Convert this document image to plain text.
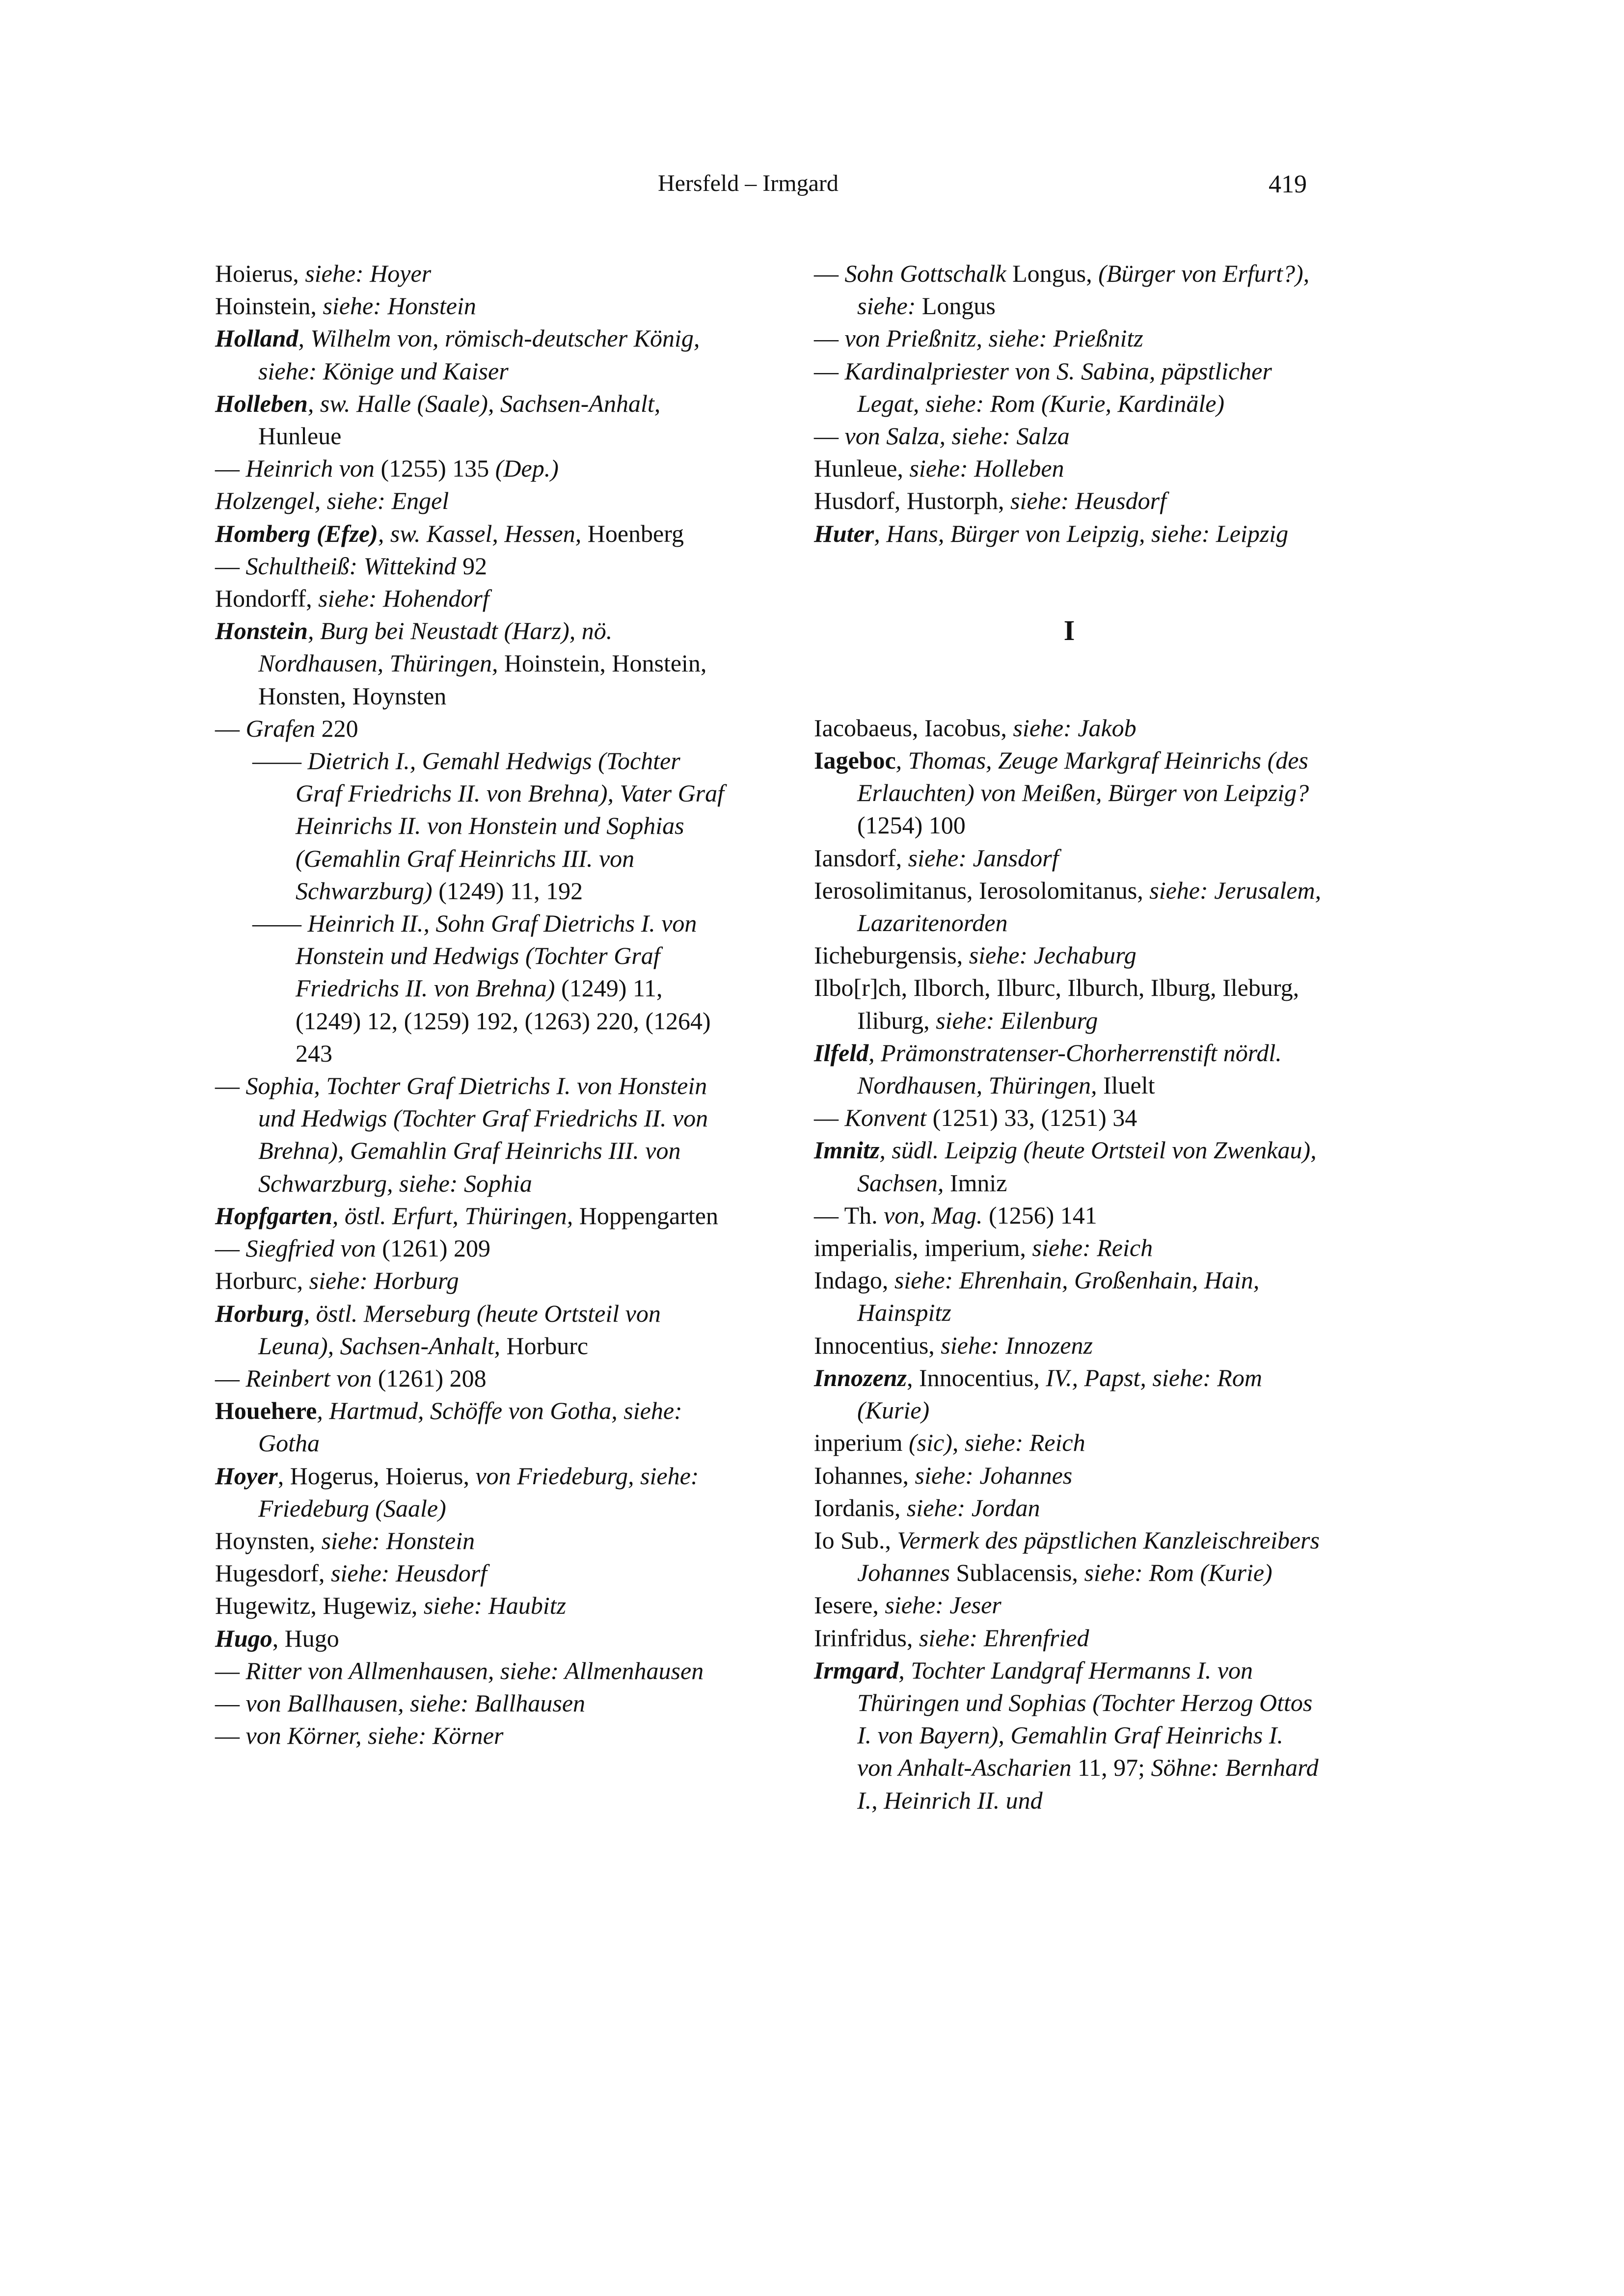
Hersfeld – Irmgard	419
Hoierus, siehe: Hoyer
Hoinstein, siehe: Honstein
Holland, Wilhelm von, römisch-deutscher König, siehe: Könige und Kaiser
Holleben, sw. Halle (Saale), Sachsen-Anhalt, Hunleue
— Heinrich von (1255) 135 (Dep.)
Holzengel, siehe: Engel
Homberg (Efze), sw. Kassel, Hessen, Hoenberg
— Schultheiß: Wittekind 92
Hondorff, siehe: Hohendorf
Honstein, Burg bei Neustadt (Harz), nö. Nordhausen, Thüringen, Hoinstein, Honstein, Honsten, Hoynsten
— Grafen 220
—— Dietrich I., Gemahl Hedwigs (Tochter Graf Friedrichs II. von Brehna), Vater Graf Heinrichs II. von Honstein und Sophias (Gemahlin Graf Heinrichs III. von Schwarzburg) (1249) 11, 192
—— Heinrich II., Sohn Graf Dietrichs I. von Honstein und Hedwigs (Tochter Graf Friedrichs II. von Brehna) (1249) 11, (1249) 12, (1259) 192, (1263) 220, (1264) 243
— Sophia, Tochter Graf Dietrichs I. von Honstein und Hedwigs (Tochter Graf Friedrichs II. von Brehna), Gemahlin Graf Heinrichs III. von Schwarzburg, siehe: Sophia
Hopfgarten, östl. Erfurt, Thüringen, Hoppengarten
— Siegfried von (1261) 209
Horburc, siehe: Horburg
Horburg, östl. Merseburg (heute Ortsteil von Leuna), Sachsen-Anhalt, Horburc
— Reinbert von (1261) 208
Houehere, Hartmud, Schöffe von Gotha, siehe: Gotha
Hoyer, Hogerus, Hoierus, von Friedeburg, siehe: Friedeburg (Saale)
Hoynsten, siehe: Honstein
Hugesdorf, siehe: Heusdorf
Hugewitz, Hugewiz, siehe: Haubitz
Hugo, Hugo
— Ritter von Allmenhausen, siehe: Allmenhausen
— von Ballhausen, siehe: Ballhausen
— von Körner, siehe: Körner
— Sohn Gottschalk Longus, (Bürger von Erfurt?), siehe: Longus
— von Prießnitz, siehe: Prießnitz
— Kardinalpriester von S. Sabina, päpstlicher Legat, siehe: Rom (Kurie, Kardinäle)
— von Salza, siehe: Salza
Hunleue, siehe: Holleben
Husdorf, Hustorph, siehe: Heusdorf
Huter, Hans, Bürger von Leipzig, siehe: Leipzig
I
Iacobaeus, Iacobus, siehe: Jakob
Iageboc, Thomas, Zeuge Markgraf Heinrichs (des Erlauchten) von Meißen, Bürger von Leipzig? (1254) 100
Iansdorf, siehe: Jansdorf
Ierosolimitanus, Ierosolomitanus, siehe: Jerusalem, Lazaritenorden
Iicheburgensis, siehe: Jechaburg
Ilbo[r]ch, Ilborch, Ilburc, Ilburch, Ilburg, Ileburg, Iliburg, siehe: Eilenburg
Ilfeld, Prämonstratenser-Chorherrenstift nördl. Nordhausen, Thüringen, Iluelt
— Konvent (1251) 33, (1251) 34
Imnitz, südl. Leipzig (heute Ortsteil von Zwenkau), Sachsen, Imniz
— Th. von, Mag. (1256) 141
imperialis, imperium, siehe: Reich
Indago, siehe: Ehrenhain, Großenhain, Hain, Hainspitz
Innocentius, siehe: Innozenz
Innozenz, Innocentius, IV., Papst, siehe: Rom (Kurie)
inperium (sic), siehe: Reich
Iohannes, siehe: Johannes
Iordanis, siehe: Jordan
Io Sub., Vermerk des päpstlichen Kanzleischreibers Johannes Sublacensis, siehe: Rom (Kurie)
Iesere, siehe: Jeser
Irinfridus, siehe: Ehrenfried
Irmgard, Tochter Landgraf Hermanns I. von Thüringen und Sophias (Tochter Herzog Ottos I. von Bayern), Gemahlin Graf Heinrichs I. von Anhalt-Ascharien 11, 97; Söhne: Bernhard I., Heinrich II. und
